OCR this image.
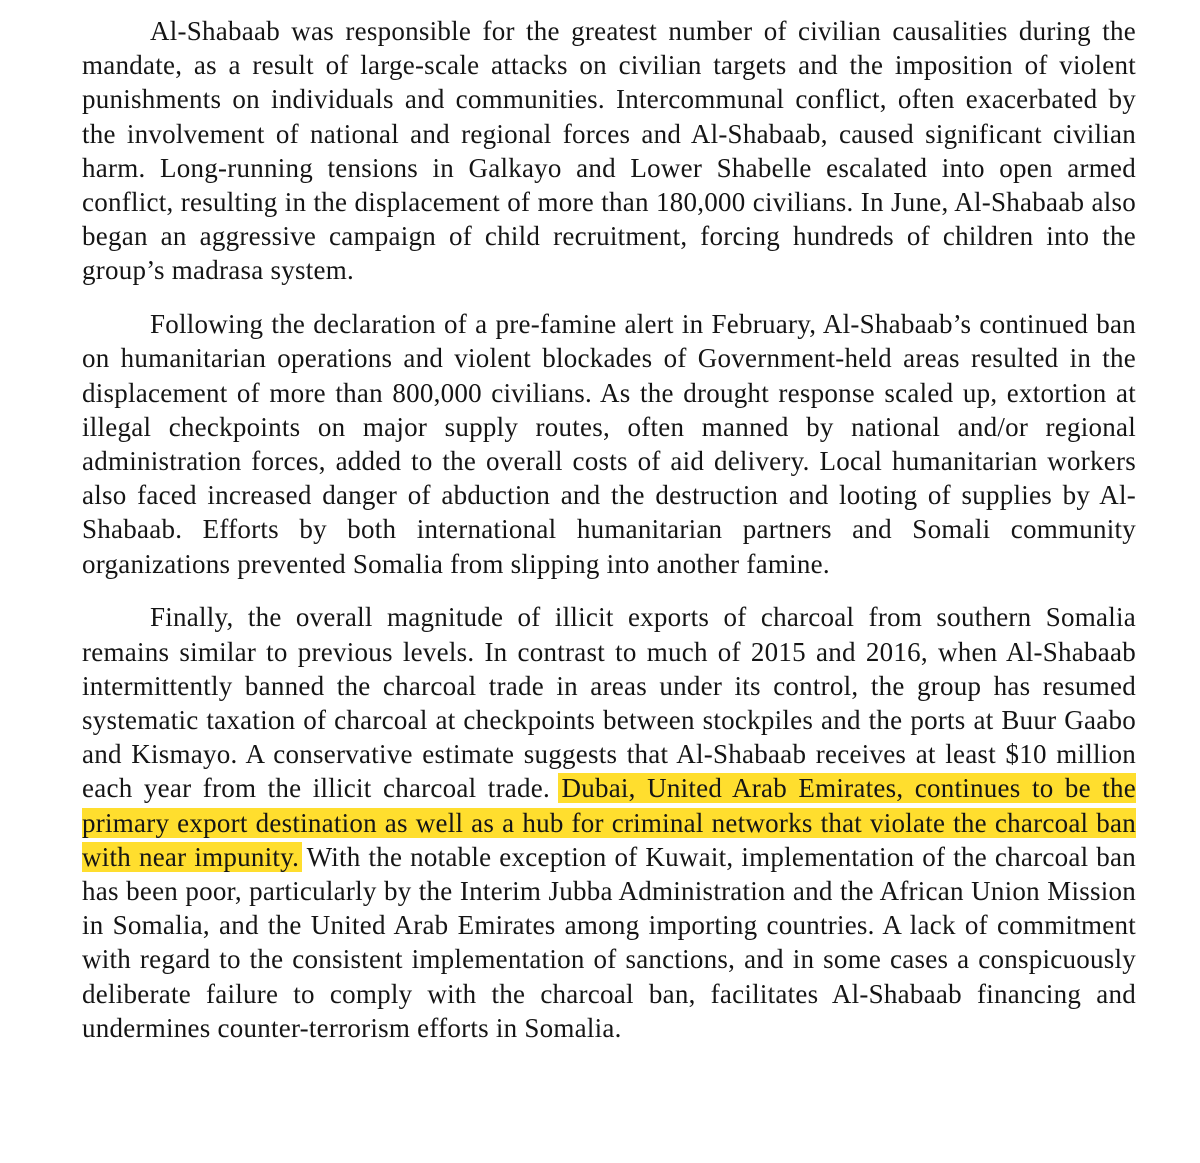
Al-Shabaab was responsible for the greatest number of civilian causalities during the mandate, as a result of large-scale attacks on civilian targets and the imposition of violent punishments on individuals and communities. Intercommunal conflict, often exacerbated by the involvement of national and regional forces and Al-Shabaab, caused significant civilian harm. Long-running tensions in Galkayo and Lower Shabelle escalated into open armed conflict, resulting in the displacement of more than 180,000 civilians. In June, Al-Shabaab also began an aggressive campaign of child recruitment, forcing hundreds of children into the group’s madrasa system.

Following the declaration of a pre-famine alert in February, Al-Shabaab’s continued ban on humanitarian operations and violent blockades of Government-held areas resulted in the displacement of more than 800,000 civilians. As the drought response scaled up, extortion at illegal checkpoints on major supply routes, often manned by national and/or regional administration forces, added to the overall costs of aid delivery. Local humanitarian workers also faced increased danger of abduction and the destruction and looting of supplies by Al-Shabaab. Efforts by both international humanitarian partners and Somali community organizations prevented Somalia from slipping into another famine.

Finally, the overall magnitude of illicit exports of charcoal from southern Somalia remains similar to previous levels. In contrast to much of 2015 and 2016, when Al-Shabaab intermittently banned the charcoal trade in areas under its control, the group has resumed systematic taxation of charcoal at checkpoints between stockpiles and the ports at Buur Gaabo and Kismayo. A conservative estimate suggests that Al-Shabaab receives at least $10 million each year from the illicit charcoal trade. Dubai, United Arab Emirates, continues to be the primary export destination as well as a hub for criminal networks that violate the charcoal ban with near impunity. With the notable exception of Kuwait, implementation of the charcoal ban has been poor, particularly by the Interim Jubba Administration and the African Union Mission in Somalia, and the United Arab Emirates among importing countries. A lack of commitment with regard to the consistent implementation of sanctions, and in some cases a conspicuously deliberate failure to comply with the charcoal ban, facilitates Al-Shabaab financing and undermines counter-terrorism efforts in Somalia.
